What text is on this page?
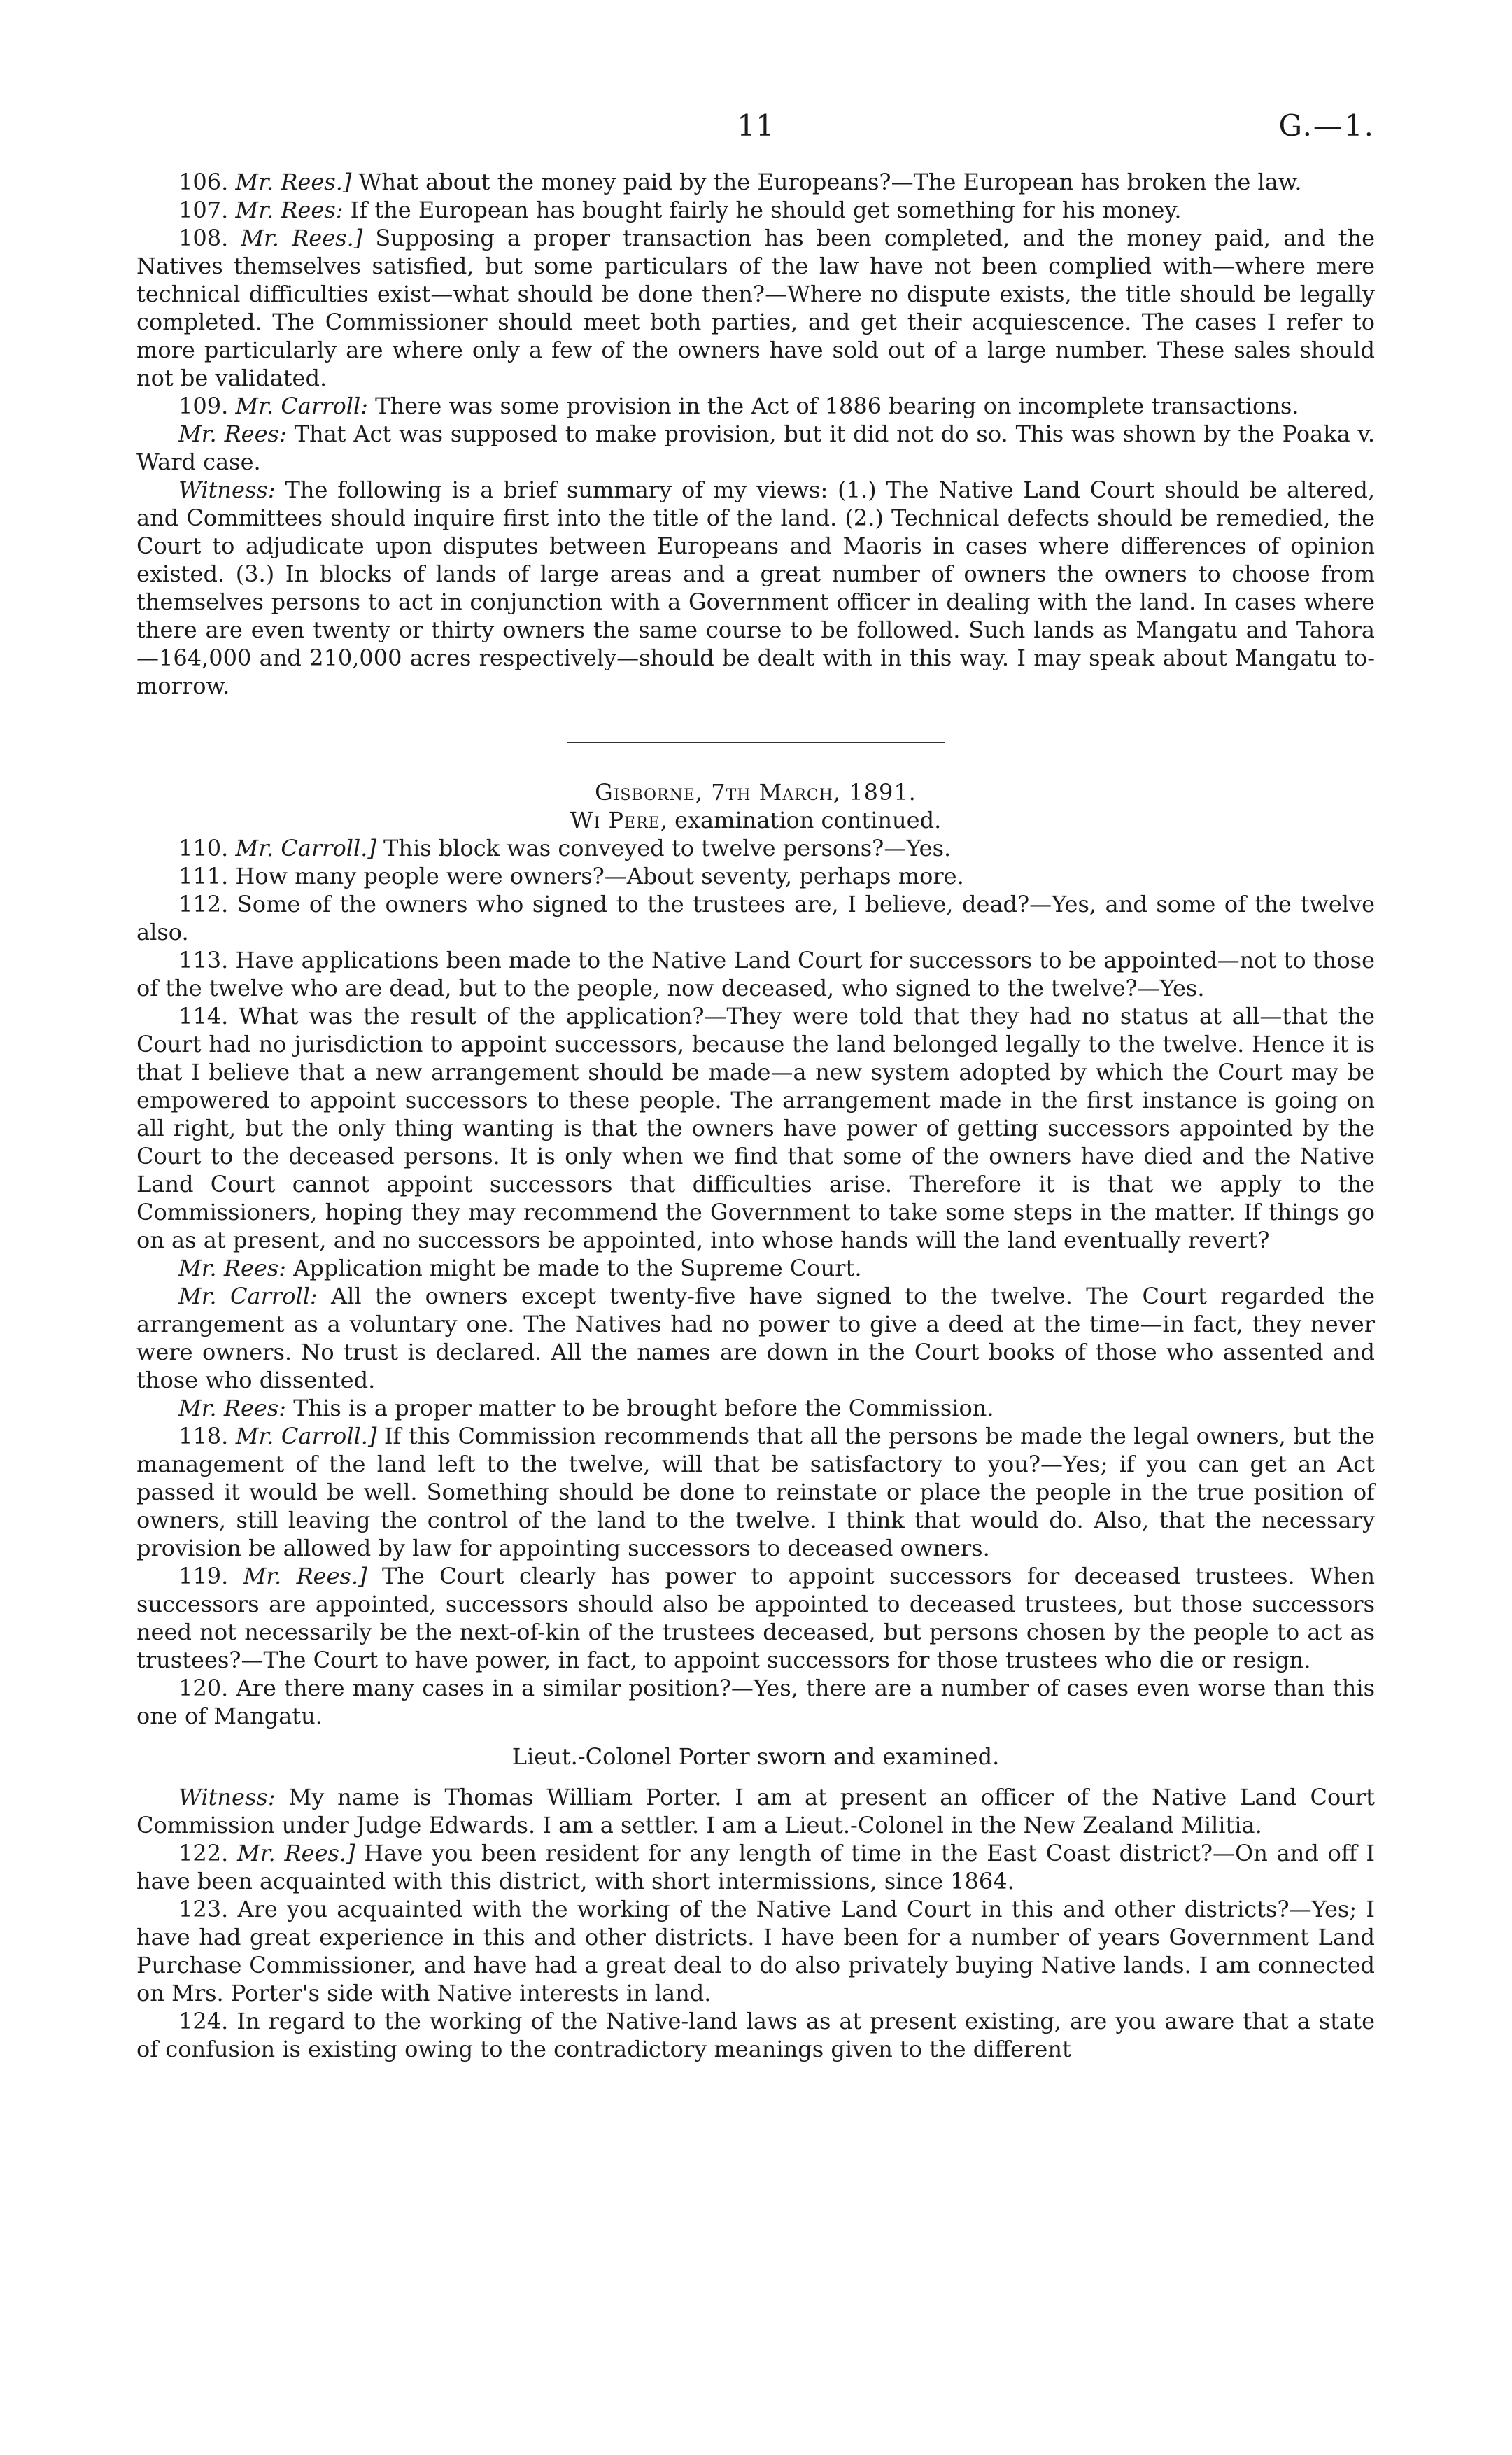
11	G.—1.

106. Mr. Rees.] What about the money paid by the Europeans?—The European has broken the law.

107. Mr. Rees: If the European has bought fairly he should get something for his money.

108. Mr. Rees.] Supposing a proper transaction has been completed, and the money paid, and the Natives themselves satisfied, but some particulars of the law have not been complied with—where mere technical difficulties exist—what should be done then?—Where no dispute exists, the title should be legally completed. The Commissioner should meet both parties, and get their acquiescence. The cases I refer to more particularly are where only a few of the owners have sold out of a large number. These sales should not be validated.

109. Mr. Carroll: There was some provision in the Act of 1886 bearing on incomplete transactions.

Mr. Rees: That Act was supposed to make provision, but it did not do so. This was shown by the Poaka v. Ward case.

Witness: The following is a brief summary of my views: (1.) The Native Land Court should be altered, and Committees should inquire first into the title of the land. (2.) Technical defects should be remedied, the Court to adjudicate upon disputes between Europeans and Maoris in cases where differences of opinion existed. (3.) In blocks of lands of large areas and a great number of owners the owners to choose from themselves persons to act in conjunction with a Government officer in dealing with the land. In cases where there are even twenty or thirty owners the same course to be followed. Such lands as Mangatu and Tahora—164,000 and 210,000 acres respectively—should be dealt with in this way. I may speak about Mangatu to-morrow.

Gisborne, 7th March, 1891.

Wi Pere, examination continued.

110. Mr. Carroll.] This block was conveyed to twelve persons?—Yes.

111. How many people were owners?—About seventy, perhaps more.

112. Some of the owners who signed to the trustees are, I believe, dead?—Yes, and some of the twelve also.

113. Have applications been made to the Native Land Court for successors to be appointed—not to those of the twelve who are dead, but to the people, now deceased, who signed to the twelve?—Yes.

114. What was the result of the application?—They were told that they had no status at all—that the Court had no jurisdiction to appoint successors, because the land belonged legally to the twelve. Hence it is that I believe that a new arrangement should be made—a new system adopted by which the Court may be empowered to appoint successors to these people. The arrangement made in the first instance is going on all right, but the only thing wanting is that the owners have power of getting successors appointed by the Court to the deceased persons. It is only when we find that some of the owners have died and the Native Land Court cannot appoint successors that difficulties arise. Therefore it is that we apply to the Commissioners, hoping they may recommend the Government to take some steps in the matter. If things go on as at present, and no successors be appointed, into whose hands will the land eventually revert?

Mr. Rees: Application might be made to the Supreme Court.

Mr. Carroll: All the owners except twenty-five have signed to the twelve. The Court regarded the arrangement as a voluntary one. The Natives had no power to give a deed at the time—in fact, they never were owners. No trust is declared. All the names are down in the Court books of those who assented and those who dissented.

Mr. Rees: This is a proper matter to be brought before the Commission.

118. Mr. Carroll.] If this Commission recommends that all the persons be made the legal owners, but the management of the land left to the twelve, will that be satisfactory to you?—Yes; if you can get an Act passed it would be well. Something should be done to reinstate or place the people in the true position of owners, still leaving the control of the land to the twelve. I think that would do. Also, that the necessary provision be allowed by law for appointing successors to deceased owners.

119. Mr. Rees.] The Court clearly has power to appoint successors for deceased trustees. When successors are appointed, successors should also be appointed to deceased trustees, but those successors need not necessarily be the next-of-kin of the trustees deceased, but persons chosen by the people to act as trustees?—The Court to have power, in fact, to appoint successors for those trustees who die or resign.

120. Are there many cases in a similar position?—Yes, there are a number of cases even worse than this one of Mangatu.

Lieut.-Colonel Porter sworn and examined.

Witness: My name is Thomas William Porter. I am at present an officer of the Native Land Court Commission under Judge Edwards. I am a settler. I am a Lieut.-Colonel in the New Zealand Militia.

122. Mr. Rees.] Have you been resident for any length of time in the East Coast district?—On and off I have been acquainted with this district, with short intermissions, since 1864.

123. Are you acquainted with the working of the Native Land Court in this and other districts?—Yes; I have had great experience in this and other districts. I have been for a number of years Government Land Purchase Commissioner, and have had a great deal to do also privately buying Native lands. I am connected on Mrs. Porter's side with Native interests in land.

124. In regard to the working of the Native-land laws as at present existing, are you aware that a state of confusion is existing owing to the contradictory meanings given to the different
